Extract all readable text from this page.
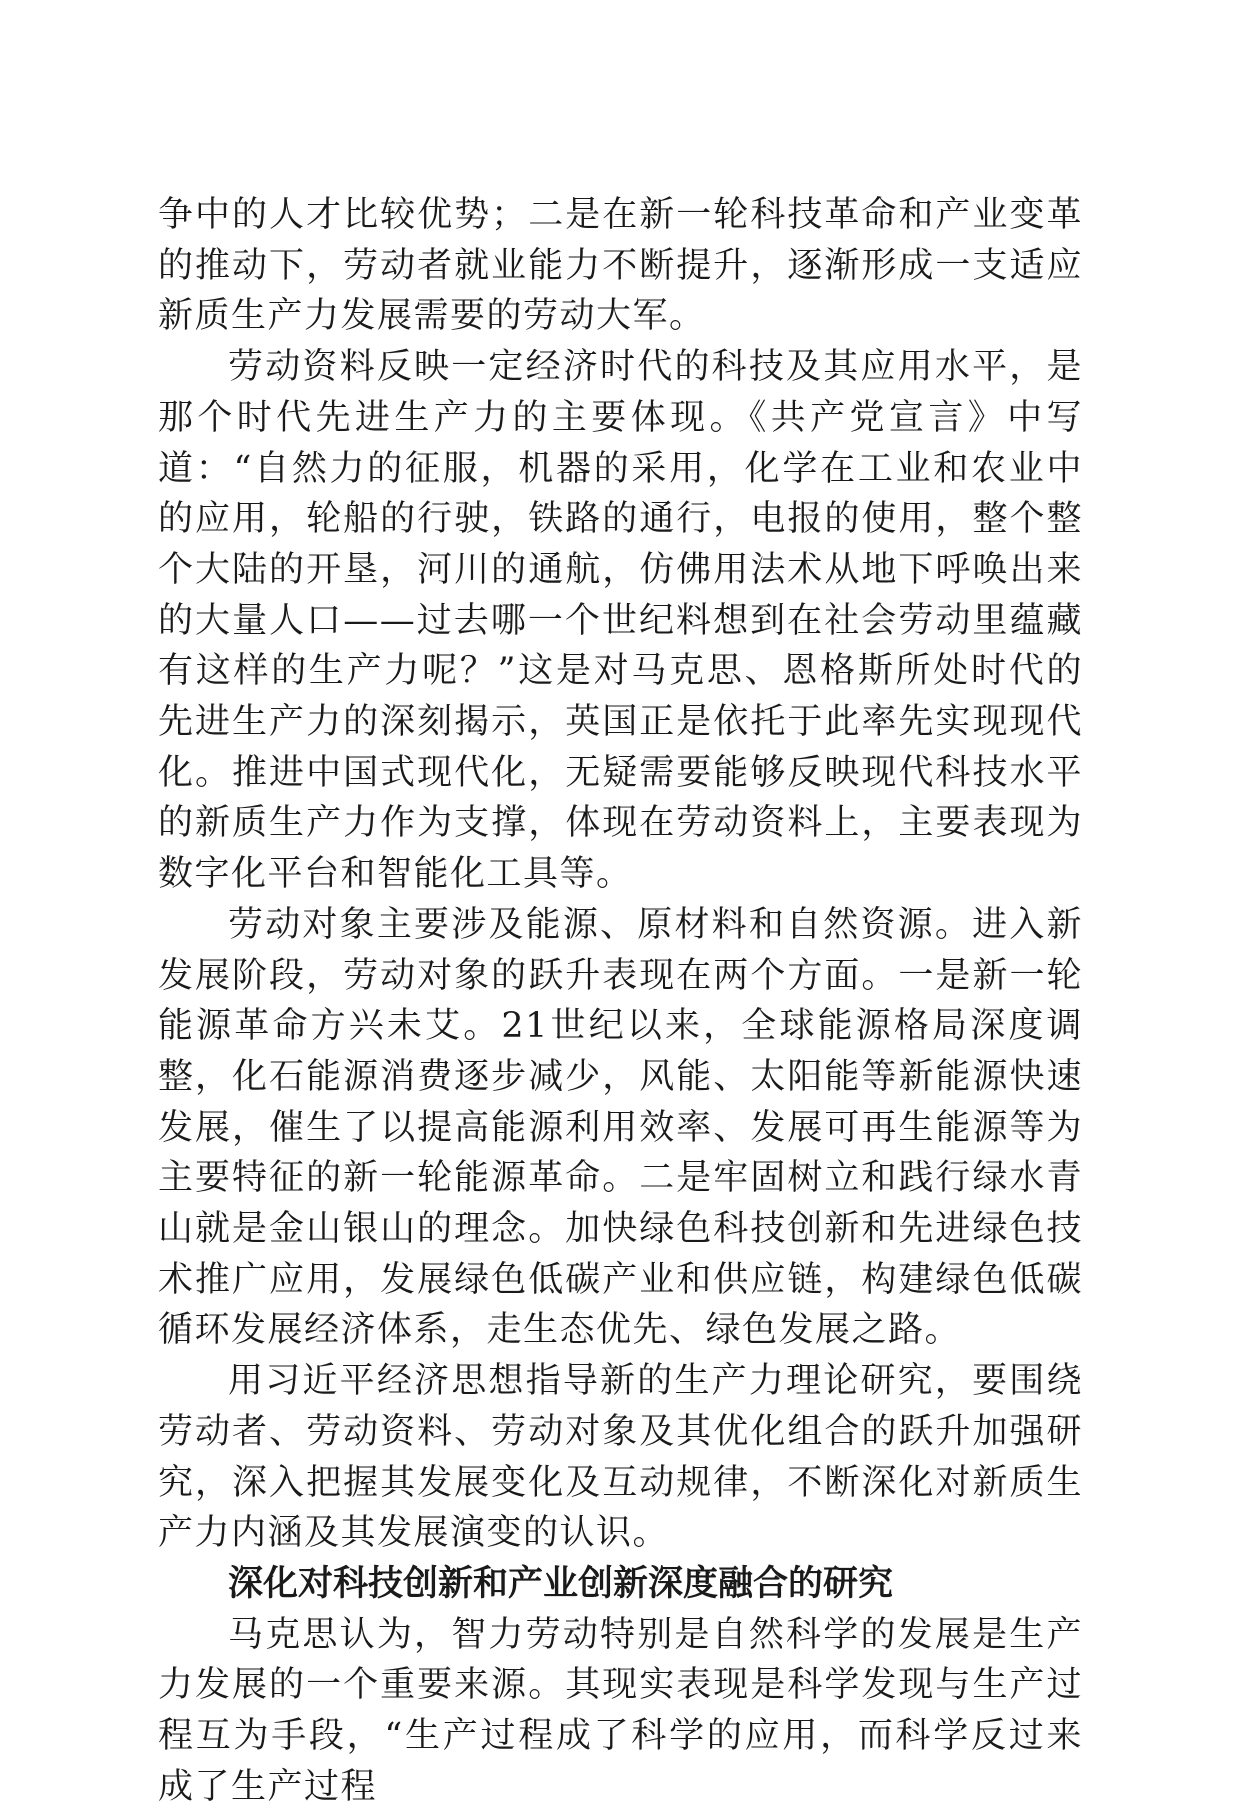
争中的人才比较优势；二是在新一轮科技革命和产业变革的推动下，劳动者就业能力不断提升，逐渐形成一支适应新质生产力发展需要的劳动大军。

劳动资料反映一定经济时代的科技及其应用水平，是那个时代先进生产力的主要体现。《共产党宣言》中写道：“自然力的征服，机器的采用，化学在工业和农业中的应用，轮船的行驶，铁路的通行，电报的使用，整个整个大陆的开垦，河川的通航，仿佛用法术从地下呼唤出来的大量人口——过去哪一个世纪料想到在社会劳动里蕴藏有这样的生产力呢？”这是对马克思、恩格斯所处时代的先进生产力的深刻揭示，英国正是依托于此率先实现现代化。推进中国式现代化，无疑需要能够反映现代科技水平的新质生产力作为支撑，体现在劳动资料上，主要表现为数字化平台和智能化工具等。

劳动对象主要涉及能源、原材料和自然资源。进入新发展阶段，劳动对象的跃升表现在两个方面。一是新一轮能源革命方兴未艾。21世纪以来，全球能源格局深度调整，化石能源消费逐步减少，风能、太阳能等新能源快速发展，催生了以提高能源利用效率、发展可再生能源等为主要特征的新一轮能源革命。二是牢固树立和践行绿水青山就是金山银山的理念。加快绿色科技创新和先进绿色技术推广应用，发展绿色低碳产业和供应链，构建绿色低碳循环发展经济体系，走生态优先、绿色发展之路。

用习近平经济思想指导新的生产力理论研究，要围绕劳动者、劳动资料、劳动对象及其优化组合的跃升加强研究，深入把握其发展变化及互动规律，不断深化对新质生产力内涵及其发展演变的认识。

深化对科技创新和产业创新深度融合的研究

马克思认为，智力劳动特别是自然科学的发展是生产力发展的一个重要来源。其现实表现是科学发现与生产过程互为手段，“生产过程成了科学的应用，而科学反过来成了生产过程
